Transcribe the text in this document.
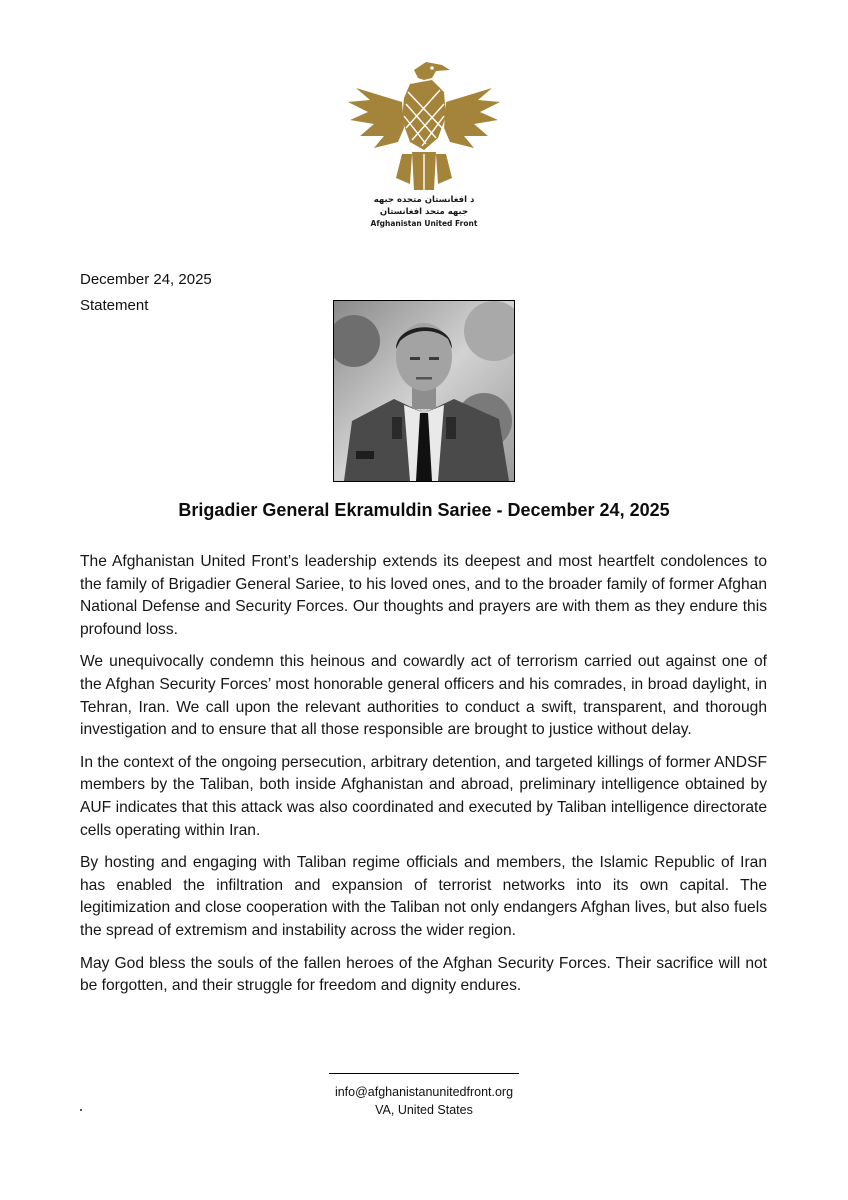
د افغانستان متحده جبهه
جبهه متحد افغانستان
Afghanistan United Front
December 24, 2025
Statement
Brigadier General Ekramuldin Sariee - December 24, 2025

The Afghanistan United Front’s leadership extends its deepest and most heartfelt condolences to the family of Brigadier General Sariee, to his loved ones, and to the broader family of former Afghan National Defense and Security Forces. Our thoughts and prayers are with them as they endure this profound loss.

We unequivocally condemn this heinous and cowardly act of terrorism carried out against one of the Afghan Security Forces’ most honorable general officers and his comrades, in broad daylight, in Tehran, Iran. We call upon the relevant authorities to conduct a swift, transparent, and thorough investigation and to ensure that all those responsible are brought to justice without delay.

In the context of the ongoing persecution, arbitrary detention, and targeted killings of former ANDSF members by the Taliban, both inside Afghanistan and abroad, preliminary intelligence obtained by AUF indicates that this attack was also coordinated and executed by Taliban intelligence directorate cells operating within Iran.

By hosting and engaging with Taliban regime officials and members, the Islamic Republic of Iran has enabled the infiltration and expansion of terrorist networks into its own capital. The legitimization and close cooperation with the Taliban not only endangers Afghan lives, but also fuels the spread of extremism and instability across the wider region.

May God bless the souls of the fallen heroes of the Afghan Security Forces. Their sacrifice will not be forgotten, and their struggle for freedom and dignity endures.

info@afghanistanunitedfront.org
VA, United States
